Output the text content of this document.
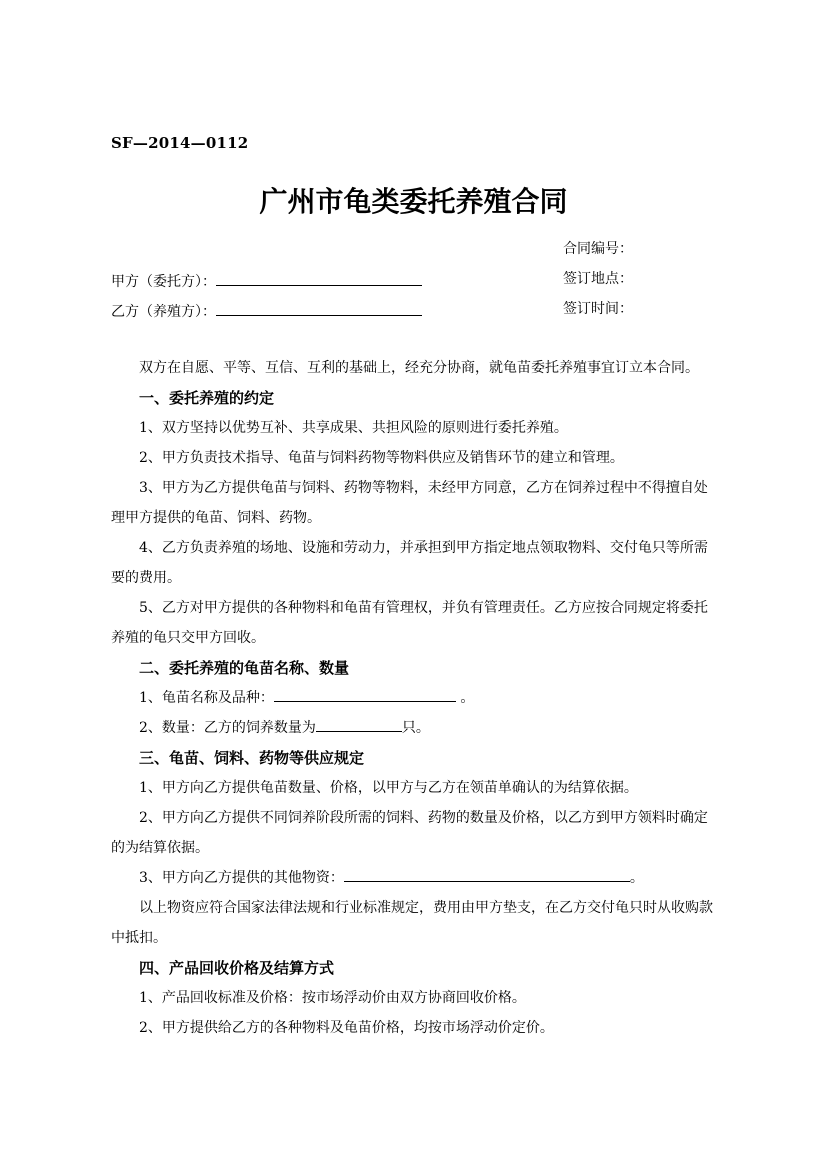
SF—2014—0112
广州市龟类委托养殖合同
合同编号：
签订地点：
签订时间：
甲方（委托方）：
乙方（养殖方）：

双方在自愿、平等、互信、互利的基础上，经充分协商，就龟苗委托养殖事宜订立本合同。

一、委托养殖的约定

1、双方坚持以优势互补、共享成果、共担风险的原则进行委托养殖。

2、甲方负责技术指导、龟苗与饲料药物等物料供应及销售环节的建立和管理。

3、甲方为乙方提供龟苗与饲料、药物等物料，未经甲方同意，乙方在饲养过程中不得擅自处理甲方提供的龟苗、饲料、药物。

4、乙方负责养殖的场地、设施和劳动力，并承担到甲方指定地点领取物料、交付龟只等所需要的费用。

5、乙方对甲方提供的各种物料和龟苗有管理权，并负有管理责任。乙方应按合同规定将委托养殖的龟只交甲方回收。

二、委托养殖的龟苗名称、数量

1、龟苗名称及品种：	。

2、数量：乙方的饲养数量为	只。

三、龟苗、饲料、药物等供应规定

1、甲方向乙方提供龟苗数量、价格，以甲方与乙方在领苗单确认的为结算依据。

2、甲方向乙方提供不同饲养阶段所需的饲料、药物的数量及价格，以乙方到甲方领料时确定的为结算依据。

3、甲方向乙方提供的其他物资：	。

以上物资应符合国家法律法规和行业标准规定，费用由甲方垫支，在乙方交付龟只时从收购款中抵扣。

四、产品回收价格及结算方式

1、产品回收标准及价格：按市场浮动价由双方协商回收价格。

2、甲方提供给乙方的各种物料及龟苗价格，均按市场浮动价定价。
